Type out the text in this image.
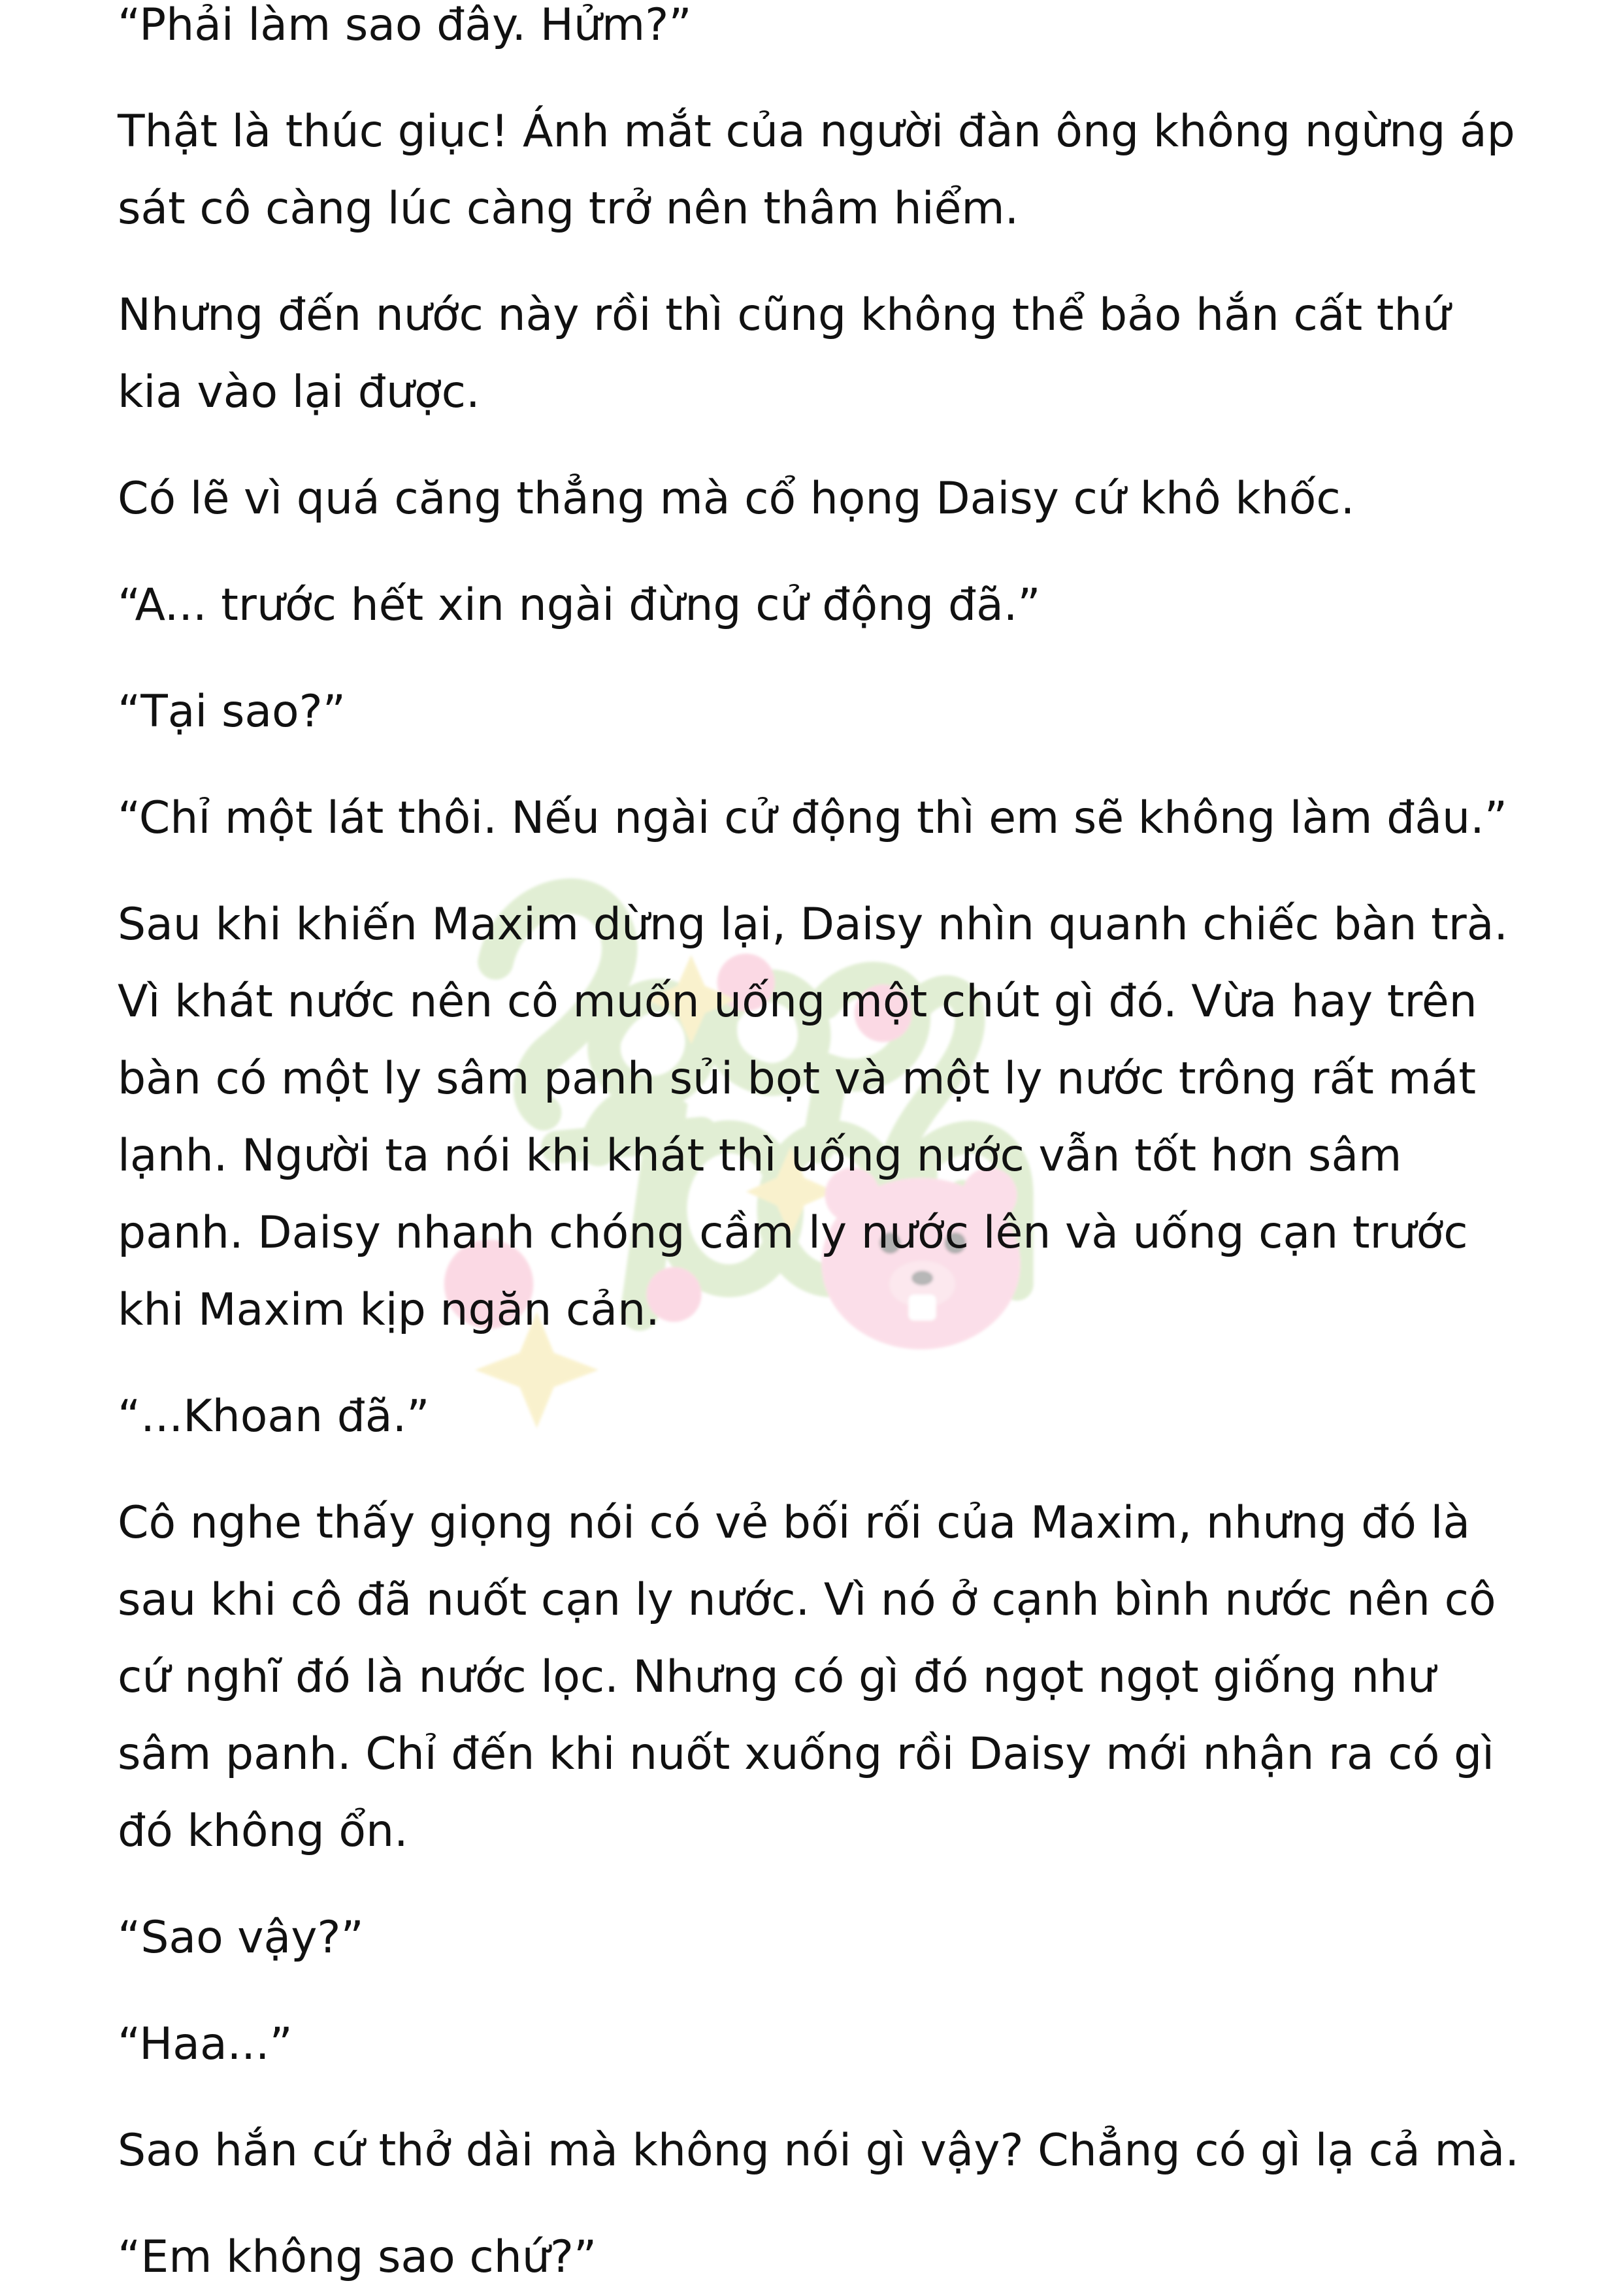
“Phải làm sao đây. Hửm?”

Thật là thúc giục! Ánh mắt của người đàn ông không ngừng áp sát cô càng lúc càng trở nên thâm hiểm.

Nhưng đến nước này rồi thì cũng không thể bảo hắn cất thứ kia vào lại được.

Có lẽ vì quá căng thẳng mà cổ họng Daisy cứ khô khốc.

“A... trước hết xin ngài đừng cử động đã.”

“Tại sao?”

“Chỉ một lát thôi. Nếu ngài cử động thì em sẽ không làm đâu.”

Sau khi khiến Maxim dừng lại, Daisy nhìn quanh chiếc bàn trà. Vì khát nước nên cô muốn uống một chút gì đó. Vừa hay trên bàn có một ly sâm panh sủi bọt và một ly nước trông rất mát lạnh. Người ta nói khi khát thì uống nước vẫn tốt hơn sâm panh. Daisy nhanh chóng cầm ly nước lên và uống cạn trước khi Maxim kịp ngăn cản.

“...Khoan đã.”

Cô nghe thấy giọng nói có vẻ bối rối của Maxim, nhưng đó là sau khi cô đã nuốt cạn ly nước. Vì nó ở cạnh bình nước nên cô cứ nghĩ đó là nước lọc. Nhưng có gì đó ngọt ngọt giống như sâm panh. Chỉ đến khi nuốt xuống rồi Daisy mới nhận ra có gì đó không ổn.

“Sao vậy?”

“Haa...”

Sao hắn cứ thở dài mà không nói gì vậy? Chẳng có gì lạ cả mà.

“Em không sao chứ?”
